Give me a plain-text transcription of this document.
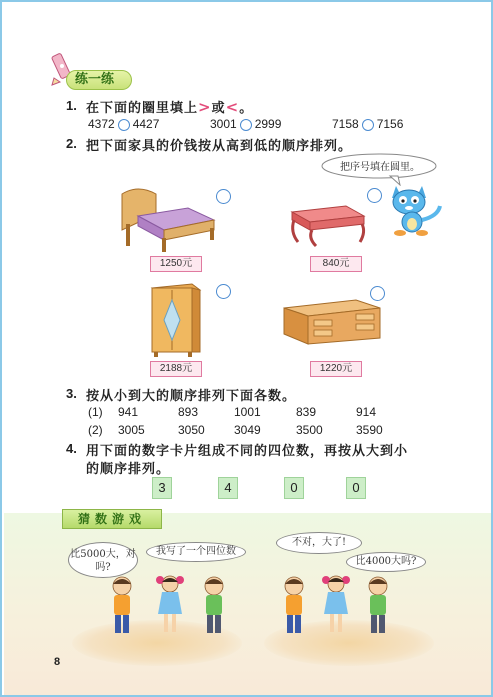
练一练
1. 在下面的圈里填上>或<。
4372 4427	3001 2999	7158 7156
2. 把下面家具的价钱按从高到低的顺序排列。
把序号填在圆里。
1250元	840元
2188元	1220元
3. 按从小到大的顺序排列下面各数。
(1) 941	893	1001	839	914
(2) 3005	3050 3049	3500	3590
4. 用下面的数字卡片组成不同的四位数，再按从大到小
的顺序排列。
3	4	0	0
猜数游戏
比5000大，对吗?
我写了一个四位数
不对，大了!
比4000大吗?
8
